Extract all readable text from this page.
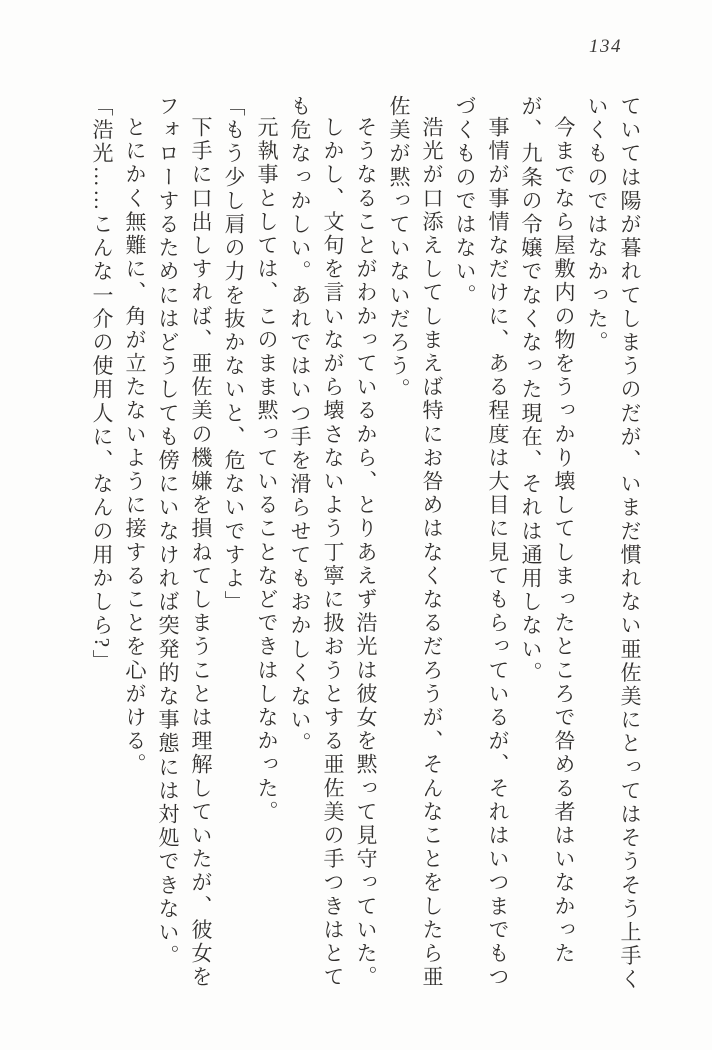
134

ていては陽が暮れてしまうのだが、いまだ慣れない亜佐美にとってはそうそう上手くいくものではなかった。

今までなら屋敷内の物をうっかり壊してしまったところで咎める者はいなかったが、九条の令嬢でなくなった現在、それは通用しない。

事情が事情なだけに、ある程度は大目に見てもらっているが、それはいつまでもつづくものではない。

浩光が口添えしてしまえば特にお咎めはなくなるだろうが、そんなことをしたら亜佐美が黙っていないだろう。

そうなることがわかっているから、とりあえず浩光は彼女を黙って見守っていた。

しかし、文句を言いながら壊さないよう丁寧に扱おうとする亜佐美の手つきはとても危なっかしい。あれではいつ手を滑らせてもおかしくない。

元執事としては、このまま黙っていることなどできはしなかった。

「もう少し肩の力を抜かないと、危ないですよ」

下手に口出しすれば、亜佐美の機嫌を損ねてしまうことは理解していたが、彼女をフォローするためにはどうしても傍にいなければ突発的な事態には対処できない。

とにかく無難に、角が立たないように接することを心がける。

「浩光……こんな一介の使用人に、なんの用かしら?」
